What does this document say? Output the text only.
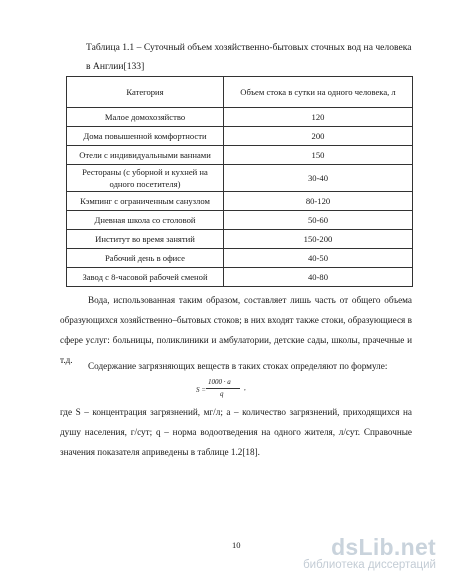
Таблица 1.1 – Суточный объем хозяйственно-бытовых сточных вод на человека в Англии[133]
Категория	Объем стока в сутки на одного человека, л
Малое домохозяйство	120
Дома повышенной комфортности	200
Отели с индивидуальными ваннами	150
Рестораны (с уборной и кухней на одного посетителя)	30-40
Кэмпинг с ограниченным санузлом	80-120
Дневная школа со столовой	50-60
Институт во время занятий	150-200
Рабочий день в офисе	40-50
Завод с 8-часовой рабочей сменой	40-80

Вода, использованная таким образом, составляет лишь часть от общего объема образующихся хозяйственно–бытовых стоков; в них входят также стоки, образующиеся в сфере услуг: больницы, поликлиники и амбулатории, детские сады, школы, прачечные и т.д.

Содержание загрязняющих веществ в таких стоках определяют по формуле:

S =
1000 · a
q
,

где S – концентрация загрязнений, мг/л; a – количество загрязнений, приходящихся на душу населения, г/сут; q – норма водоотведения на одного жителя, л/сут. Справочные значения показателя aприведены в таблице 1.2[18].

10	dsLib.net
библиотека диссертаций
